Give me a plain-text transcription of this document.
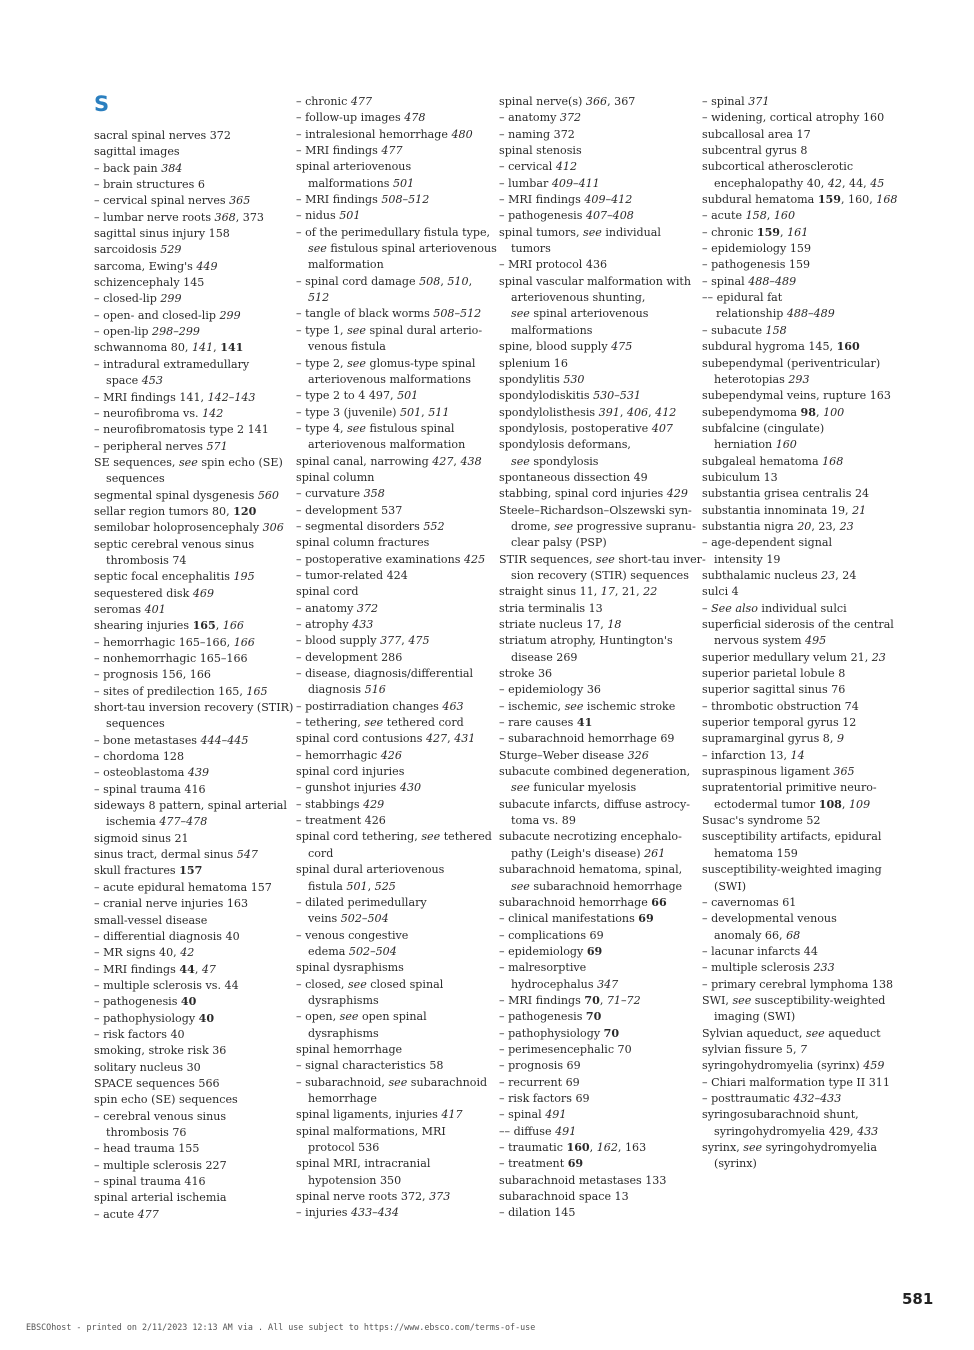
S
sacral spinal nerves 372
sagittal images
– back pain 384
– brain structures 6
– cervical spinal nerves 365
– lumbar nerve roots 368, 373
sagittal sinus injury 158
sarcoidosis 529
sarcoma, Ewing's 449
schizencephaly 145
– closed-lip 299
– open- and closed-lip 299
– open-lip 298–299
schwannoma 80, 141, 141
– intradural extramedullary
space 453
– MRI findings 141, 142–143
– neurofibroma vs. 142
– neurofibromatosis type 2 141
– peripheral nerves 571
SE sequences, see spin echo (SE)
sequences
segmental spinal dysgenesis 560
sellar region tumors 80, 120
semilobar holoprosencephaly 306
septic cerebral venous sinus
thrombosis 74
septic focal encephalitis 195
sequestered disk 469
seromas 401
shearing injuries 165, 166
– hemorrhagic 165–166, 166
– nonhemorrhagic 165–166
– prognosis 156, 166
– sites of predilection 165, 165
short-tau inversion recovery (STIR)
sequences
– bone metastases 444–445
– chordoma 128
– osteoblastoma 439
– spinal trauma 416
sideways 8 pattern, spinal arterial
ischemia 477–478
sigmoid sinus 21
sinus tract, dermal sinus 547
skull fractures 157
– acute epidural hematoma 157
– cranial nerve injuries 163
small-vessel disease
– differential diagnosis 40
– MR signs 40, 42
– MRI findings 44, 47
– multiple sclerosis vs. 44
– pathogenesis 40
– pathophysiology 40
– risk factors 40
smoking, stroke risk 36
solitary nucleus 30
SPACE sequences 566
spin echo (SE) sequences
– cerebral venous sinus
thrombosis 76
– head trauma 155
– multiple sclerosis 227
– spinal trauma 416
spinal arterial ischemia
– acute 477
– chronic 477
– follow-up images 478
– intralesional hemorrhage 480
– MRI findings 477
spinal arteriovenous
malformations 501
– MRI findings 508–512
– nidus 501
– of the perimedullary fistula type,
see fistulous spinal arteriovenous
malformation
– spinal cord damage 508, 510,
512
– tangle of black worms 508–512
– type 1, see spinal dural arterio-
venous fistula
– type 2, see glomus-type spinal
arteriovenous malformations
– type 2 to 4 497, 501
– type 3 (juvenile) 501, 511
– type 4, see fistulous spinal
arteriovenous malformation
spinal canal, narrowing 427, 438
spinal column
– curvature 358
– development 537
– segmental disorders 552
spinal column fractures
– postoperative examinations 425
– tumor-related 424
spinal cord
– anatomy 372
– atrophy 433
– blood supply 377, 475
– development 286
– disease, diagnosis/differential
diagnosis 516
– postirradiation changes 463
– tethering, see tethered cord
spinal cord contusions 427, 431
– hemorrhagic 426
spinal cord injuries
– gunshot injuries 430
– stabbings 429
– treatment 426
spinal cord tethering, see tethered
cord
spinal dural arteriovenous
fistula 501, 525
– dilated perimedullary
veins 502–504
– venous congestive
edema 502–504
spinal dysraphisms
– closed, see closed spinal
dysraphisms
– open, see open spinal
dysraphisms
spinal hemorrhage
– signal characteristics 58
– subarachnoid, see subarachnoid
hemorrhage
spinal ligaments, injuries 417
spinal malformations, MRI
protocol 536
spinal MRI, intracranial
hypotension 350
spinal nerve roots 372, 373
– injuries 433–434
spinal nerve(s) 366, 367
– anatomy 372
– naming 372
spinal stenosis
– cervical 412
– lumbar 409–411
– MRI findings 409–412
– pathogenesis 407–408
spinal tumors, see individual
tumors
– MRI protocol 436
spinal vascular malformation with
arteriovenous shunting,
see spinal arteriovenous
malformations
spine, blood supply 475
splenium 16
spondylitis 530
spondylodiskitis 530–531
spondylolisthesis 391, 406, 412
spondylosis, postoperative 407
spondylosis deformans,
see spondylosis
spontaneous dissection 49
stabbing, spinal cord injuries 429
Steele–Richardson–Olszewski syn-
drome, see progressive supranu-
clear palsy (PSP)
STIR sequences, see short-tau inver-
sion recovery (STIR) sequences
straight sinus 11, 17, 21, 22
stria terminalis 13
striate nucleus 17, 18
striatum atrophy, Huntington's
disease 269
stroke 36
– epidemiology 36
– ischemic, see ischemic stroke
– rare causes 41
– subarachnoid hemorrhage 69
Sturge–Weber disease 326
subacute combined degeneration,
see funicular myelosis
subacute infarcts, diffuse astrocy-
toma vs. 89
subacute necrotizing encephalo-
pathy (Leigh's disease) 261
subarachnoid hematoma, spinal,
see subarachnoid hemorrhage
subarachnoid hemorrhage 66
– clinical manifestations 69
– complications 69
– epidemiology 69
– malresorptive
hydrocephalus 347
– MRI findings 70, 71–72
– pathogenesis 70
– pathophysiology 70
– perimesencephalic 70
– prognosis 69
– recurrent 69
– risk factors 69
– spinal 491
–– diffuse 491
– traumatic 160, 162, 163
– treatment 69
subarachnoid metastases 133
subarachnoid space 13
– dilation 145
– spinal 371
– widening, cortical atrophy 160
subcallosal area 17
subcentral gyrus 8
subcortical atherosclerotic
encephalopathy 40, 42, 44, 45
subdural hematoma 159, 160, 168
– acute 158, 160
– chronic 159, 161
– epidemiology 159
– pathogenesis 159
– spinal 488–489
–– epidural fat
relationship 488–489
– subacute 158
subdural hygroma 145, 160
subependymal (periventricular)
heterotopias 293
subependymal veins, rupture 163
subependymoma 98, 100
subfalcine (cingulate)
herniation 160
subgaleal hematoma 168
subiculum 13
substantia grisea centralis 24
substantia innominata 19, 21
substantia nigra 20, 23, 23
– age-dependent signal
intensity 19
subthalamic nucleus 23, 24
sulci 4
– See also individual sulci
superficial siderosis of the central
nervous system 495
superior medullary velum 21, 23
superior parietal lobule 8
superior sagittal sinus 76
– thrombotic obstruction 74
superior temporal gyrus 12
supramarginal gyrus 8, 9
– infarction 13, 14
supraspinous ligament 365
supratentorial primitive neuro-
ectodermal tumor 108, 109
Susac's syndrome 52
susceptibility artifacts, epidural
hematoma 159
susceptibility-weighted imaging
(SWI)
– cavernomas 61
– developmental venous
anomaly 66, 68
– lacunar infarcts 44
– multiple sclerosis 233
– primary cerebral lymphoma 138
SWI, see susceptibility-weighted
imaging (SWI)
Sylvian aqueduct, see aqueduct
sylvian fissure 5, 7
syringohydromyelia (syrinx) 459
– Chiari malformation type II 311
– posttraumatic 432–433
syringosubarachnoid shunt,
syringohydromyelia 429, 433
syrinx, see syringohydromyelia
(syrinx)
581
EBSCOhost - printed on 2/11/2023 12:13 AM via . All use subject to https://www.ebsco.com/terms-of-use
